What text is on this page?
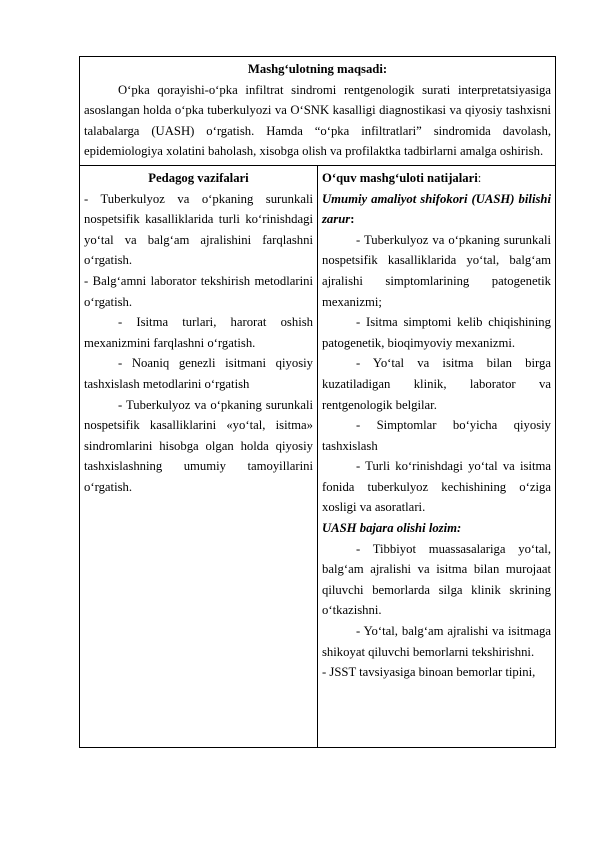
Mashg‘ulotning maqsadi:

O‘pka qorayishi-o‘pka infiltrat sindromi rentgenologik surati interpretatsiyasiga asoslangan holda o‘pka tuberkulyozi va O‘SNK kasalligi diagnostikasi va qiyosiy tashxisni talabalarga (UASH) o‘rgatish. Hamda “o‘pka infiltratlari” sindromida davolash, epidemiologiya xolatini baholash, xisobga olish va profilaktka tadbirlarni amalga oshirish.

Pedagog vazifalari

- Tuberkulyoz va o‘pkaning surunkali nospetsifik kasalliklarida turli ko‘rinishdagi yo‘tal va balg‘am ajralishini farqlashni o‘rgatish.

- Balg‘amni laborator tekshirish metodlarini o‘rgatish.

- Isitma turlari, harorat oshish mexanizmini farqlashni o‘rgatish.

- Noaniq genezli isitmani qiyosiy tashxislash metodlarini o‘rgatish

- Tuberkulyoz va o‘pkaning surunkali nospetsifik kasalliklarini «yo‘tal, isitma» sindromlarini hisobga olgan holda qiyosiy tashxislashning umumiy tamoyillarini o‘rgatish.

O‘quv mashg‘uloti natijalari:

Umumiy amaliyot shifokori (UASH) bilishi zarur:

- Tuberkulyoz va o‘pkaning surunkali nospetsifik kasalliklarida yo‘tal, balg‘am ajralishi simptomlarining patogenetik mexanizmi;

- Isitma simptomi kelib chiqishining patogenetik, bioqimyoviy mexanizmi.

- Yo‘tal va isitma bilan birga kuzatiladigan klinik, laborator va rentgenologik belgilar.

- Simptomlar bo‘yicha qiyosiy tashxislash

- Turli ko‘rinishdagi yo‘tal va isitma fonida tuberkulyoz kechishining o‘ziga xosligi va asoratlari.

UASH bajara olishi lozim:

- Tibbiyot muassasalariga yo‘tal, balg‘am ajralishi va isitma bilan murojaat qiluvchi bemorlarda silga klinik skrining o‘tkazishni.

- Yo‘tal, balg‘am ajralishi va isitmaga shikoyat qiluvchi bemorlarni tekshirishni.

- JSST tavsiyasiga binoan bemorlar tipini,
